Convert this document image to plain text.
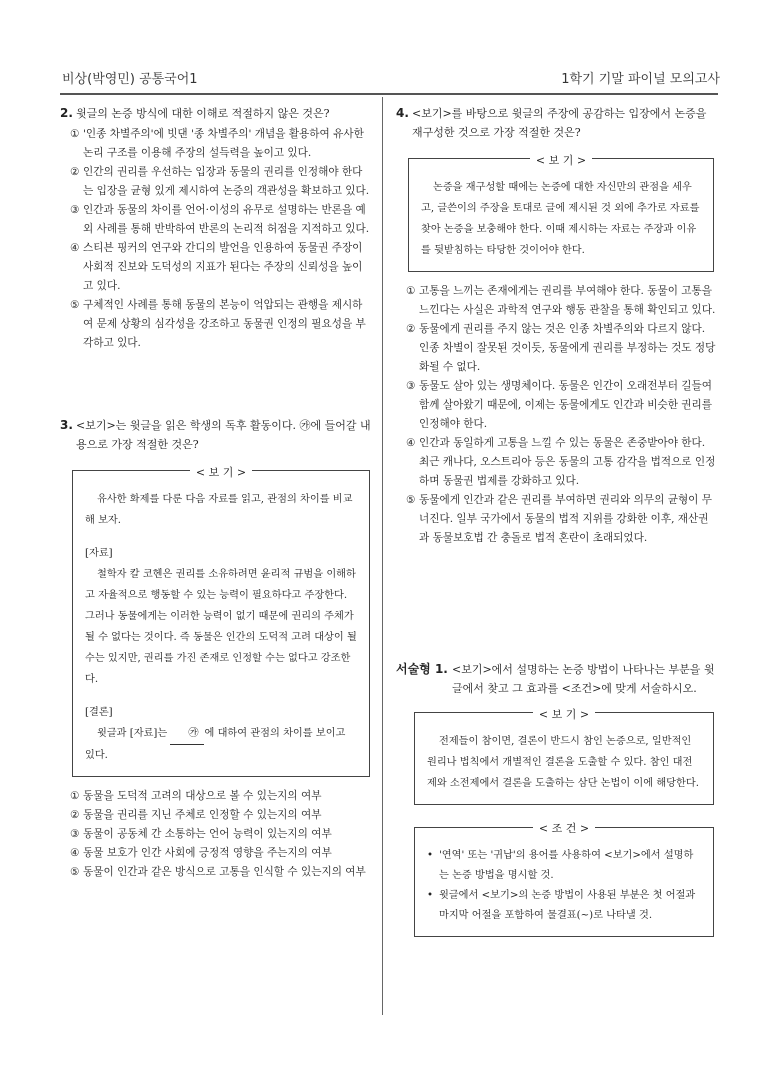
비상(박영민) 공통국어1	1학기 기말 파이널 모의고사
2. 윗글의 논증 방식에 대한 이해로 적절하지 않은 것은?
① '인종 차별주의'에 빗댄 '종 차별주의' 개념을 활용하여 유사한 논리 구조를 이용해 주장의 설득력을 높이고 있다.
② 인간의 권리를 우선하는 입장과 동물의 권리를 인정해야 한다는 입장을 균형 있게 제시하여 논증의 객관성을 확보하고 있다.
③ 인간과 동물의 차이를 언어·이성의 유무로 설명하는 반론을 예외 사례를 통해 반박하여 반론의 논리적 허점을 지적하고 있다.
④ 스티븐 핑커의 연구와 간디의 발언을 인용하여 동물권 주장이 사회적 진보와 도덕성의 지표가 된다는 주장의 신뢰성을 높이고 있다.
⑤ 구체적인 사례를 통해 동물의 본능이 억압되는 관행을 제시하여 문제 상황의 심각성을 강조하고 동물권 인정의 필요성을 부각하고 있다.
3. <보기>는 윗글을 읽은 학생의 독후 활동이다. ㉮에 들어갈 내용으로 가장 적절한 것은?
< 보 기 >

유사한 화제를 다룬 다음 자료를 읽고, 관점의 차이를 비교해 보자.

[자료]

철학자 칼 코헨은 권리를 소유하려면 윤리적 규범을 이해하고 자율적으로 행동할 수 있는 능력이 필요하다고 주장한다. 그러나 동물에게는 이러한 능력이 없기 때문에 권리의 주체가 될 수 없다는 것이다. 즉 동물은 인간의 도덕적 고려 대상이 될 수는 있지만, 권리를 가진 존재로 인정할 수는 없다고 강조한다.

[결론]

윗글과 [자료]는 ㉮ 에 대하여 관점의 차이를 보이고 있다.

① 동물을 도덕적 고려의 대상으로 볼 수 있는지의 여부
② 동물을 권리를 지닌 주체로 인정할 수 있는지의 여부
③ 동물이 공동체 간 소통하는 언어 능력이 있는지의 여부
④ 동물 보호가 인간 사회에 긍정적 영향을 주는지의 여부
⑤ 동물이 인간과 같은 방식으로 고통을 인식할 수 있는지의 여부
4. <보기>를 바탕으로 윗글의 주장에 공감하는 입장에서 논증을 재구성한 것으로 가장 적절한 것은?
< 보 기 >

논증을 재구성할 때에는 논증에 대한 자신만의 관점을 세우고, 글쓴이의 주장을 토대로 글에 제시된 것 외에 추가로 자료를 찾아 논증을 보충해야 한다. 이때 제시하는 자료는 주장과 이유를 뒷받침하는 타당한 것이어야 한다.

① 고통을 느끼는 존재에게는 권리를 부여해야 한다. 동물이 고통을 느낀다는 사실은 과학적 연구와 행동 관찰을 통해 확인되고 있다.
② 동물에게 권리를 주지 않는 것은 인종 차별주의와 다르지 않다. 인종 차별이 잘못된 것이듯, 동물에게 권리를 부정하는 것도 정당화될 수 없다.
③ 동물도 살아 있는 생명체이다. 동물은 인간이 오래전부터 길들여 함께 살아왔기 때문에, 이제는 동물에게도 인간과 비슷한 권리를 인정해야 한다.
④ 인간과 동일하게 고통을 느낄 수 있는 동물은 존중받아야 한다. 최근 캐나다, 오스트리아 등은 동물의 고통 감각을 법적으로 인정하며 동물권 법제를 강화하고 있다.
⑤ 동물에게 인간과 같은 권리를 부여하면 권리와 의무의 균형이 무너진다. 일부 국가에서 동물의 법적 지위를 강화한 이후, 재산권과 동물보호법 간 충돌로 법적 혼란이 초래되었다.
서술형 1. <보기>에서 설명하는 논증 방법이 나타나는 부분을 윗글에서 찾고 그 효과를 <조건>에 맞게 서술하시오.
< 보 기 >

전제들이 참이면, 결론이 반드시 참인 논증으로, 일반적인 원리나 법칙에서 개별적인 결론을 도출할 수 있다. 참인 대전제와 소전제에서 결론을 도출하는 삼단 논법이 이에 해당한다.

< 조 건 >
• '연역' 또는 '귀납'의 용어를 사용하여 <보기>에서 설명하는 논증 방법을 명시할 것.
• 윗글에서 <보기>의 논증 방법이 사용된 부분은 첫 어절과 마지막 어절을 포함하여 물결표(~)로 나타낼 것.
